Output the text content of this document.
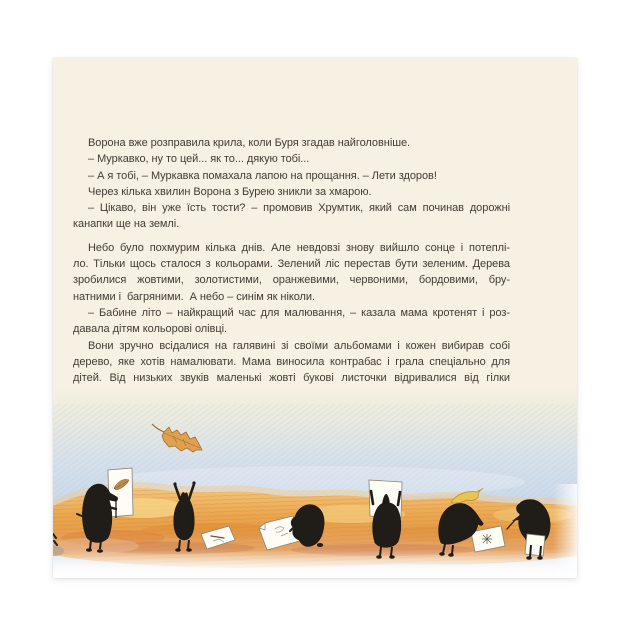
Ворона вже розправила крила, коли Буря згадав найголовніше.
– Муркавко, ну то цей... як то... дякую тобі...
– А я тобі, – Муркавка помахала лапою на прощання. – Лети здоров!
Через кілька хвилин Ворона з Бурею зникли за хмарою.
– Цікаво, він уже їсть тости? – промовив Хрумтик, який сам починав дорожні
канапки ще на землі.
Небо було похмурим кілька днів. Але невдовзі знову вийшло сонце і потеплі-
ло. Тільки щось сталося з кольорами. Зелений ліс перестав бути зеленим. Дерева
зробилися жовтими, золотистими, оранжевими, червоними, бордовими, бру-
натними і  багряними.  А небо – синім як ніколи.
– Бабине літо – найкращий час для малювання, – казала мама кротенят і роз-
давала дітям кольорові олівці.
Вони зручно всідалися на галявині зі своїми альбомами і кожен вибирав собі
дерево, яке хотів намалювати. Мама виносила контрабас і грала спеціально для
дітей. Від низьких звуків маленькі жовті букові листочки відривалися від гілки
